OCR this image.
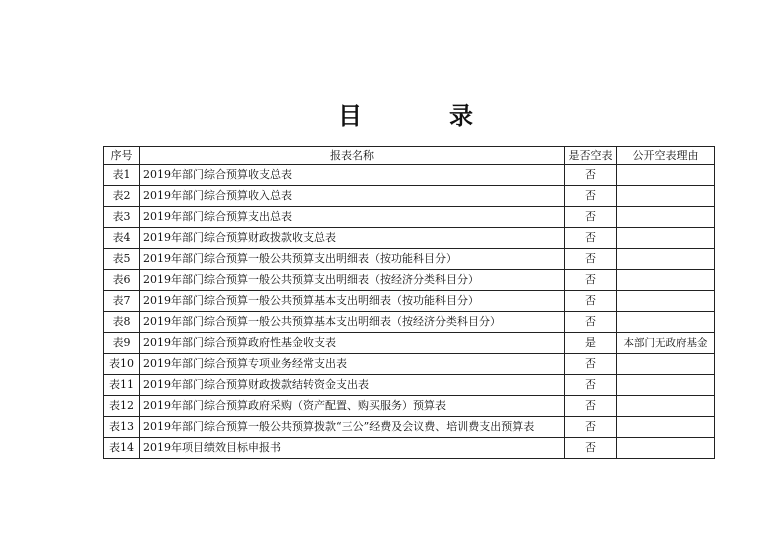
目	录
序号	报表名称	是否空表	公开空表理由
表1	2019年部门综合预算收支总表	否	
表2	2019年部门综合预算收入总表	否	
表3	2019年部门综合预算支出总表	否	
表4	2019年部门综合预算财政拨款收支总表	否	
表5	2019年部门综合预算一般公共预算支出明细表（按功能科目分）	否	
表6	2019年部门综合预算一般公共预算支出明细表（按经济分类科目分）	否	
表7	2019年部门综合预算一般公共预算基本支出明细表（按功能科目分）	否	
表8	2019年部门综合预算一般公共预算基本支出明细表（按经济分类科目分）	否	
表9	2019年部门综合预算政府性基金收支表	是	本部门无政府基金
表10	2019年部门综合预算专项业务经常支出表	否	
表11	2019年部门综合预算财政拨款结转资金支出表	否	
表12	2019年部门综合预算政府采购（资产配置、购买服务）预算表	否	
表13	2019年部门综合预算一般公共预算拨款“三公”经费及会议费、培训费支出预算表	否	
表14	2019年项目绩效目标申报书	否	
